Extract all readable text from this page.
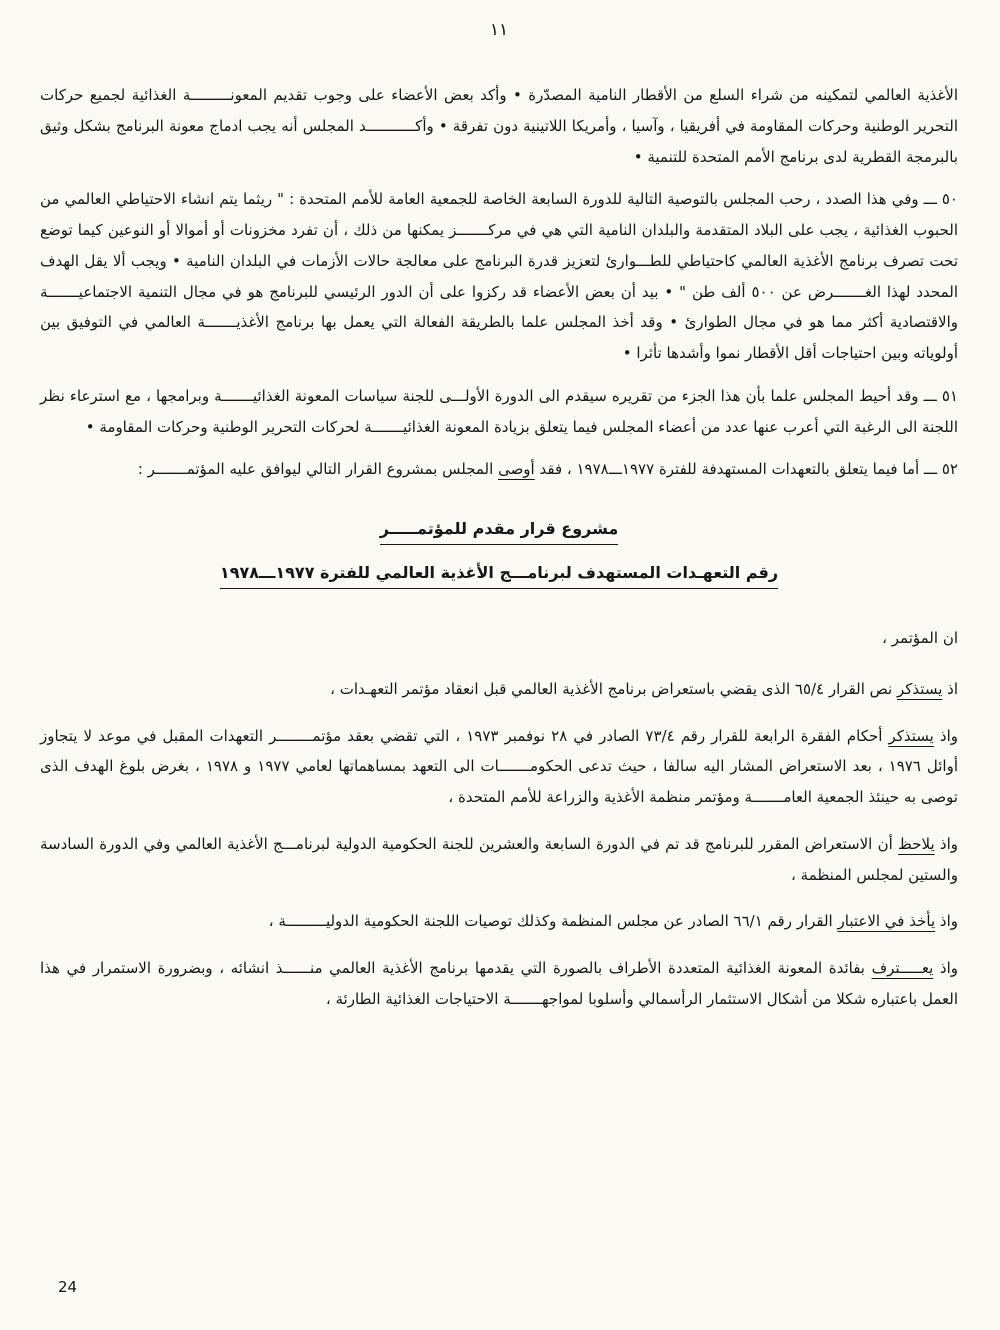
١١

الأغذية العالمي لتمكينه من شراء السلع من الأقطار النامية المصدّرة • وأكد بعض الأعضاء على وجوب تقديم المعونـــــــــة الغذائية لجميع حركات التحرير الوطنية وحركات المقاومة في أفريقيا ، وآسيا ، وأمريكا اللاتينية دون تفرقة • وأكـــــــــــد المجلس أنه يجب ادماج معونة البرنامج بشكل وثيق بالبرمجة القطرية لدى برنامج الأمم المتحدة للتنمية •

٥٠ ـــ وفي هذا الصدد ، رحب المجلس بالتوصية التالية للدورة السابعة الخاصة للجمعية العامة للأمم المتحدة : " ريثما يتم انشاء الاحتياطي العالمي من الحبوب الغذائية ، يجب على البلاد المتقدمة والبلدان النامية التي هي في مركـــــــز يمكنها من ذلك ، أن تفرد مخزونات أو أموالا أو النوعين كيما توضع تحت تصرف برنامج الأغذية العالمي كاحتياطي للطـــوارئ لتعزيز قدرة البرنامج على معالجة حالات الأزمات في البلدان النامية • ويجب ألا يقل الهدف المحدد لهذا الغـــــــرض عن ٥٠٠ ألف طن " • بيد أن بعض الأعضاء قد ركزوا على أن الدور الرئيسي للبرنامج هو في مجال التنمية الاجتماعيـــــــة والاقتصادية أكثر مما هو في مجال الطوارئ • وقد أخذ المجلس علما بالطريقة الفعالة التي يعمل بها برنامج الأغذيـــــــة العالمي في التوفيق بين أولوياته وبين احتياجات أقل الأقطار نموا وأشدها تأثرا •

٥١ ـــ وقد أحيط المجلس علما بأن هذا الجزء من تقريره سيقدم الى الدورة الأولـــى للجنة سياسات المعونة الغذائيـــــــة وبرامجها ، مع استرعاء نظر اللجنة الى الرغبة التي أعرب عنها عدد من أعضاء المجلس فيما يتعلق بزيادة المعونة الغذائيـــــــة لحركات التحرير الوطنية وحركات المقاومة •

٥٢ ـــ أما فيما يتعلق بالتعهدات المستهدفة للفترة ١٩٧٧ـــ١٩٧٨ ، فقد أوصى المجلس بمشروع القرار التالي ليوافق عليه المؤتمـــــــر :

مشروع قرار مقدم للمؤتمـــــر
رقم التعهـدات المستهدف لبرنامـــج الأغذية العالمي للفترة ١٩٧٧ـــ١٩٧٨

ان المؤتمر ،

اذ يستذكر نص القرار ٦٥/٤ الذى يقضي باستعراض برنامج الأغذية العالمي قبل انعقاد مؤتمر التعهـدات ،

واذ يستذكر أحكام الفقرة الرابعة للقرار رقم ٧٣/٤ الصادر في ٢٨ نوفمبر ١٩٧٣ ، التي تقضي بعقد مؤتمــــــــر التعهدات المقبل في موعد لا يتجاوز أوائل ١٩٧٦ ، بعد الاستعراض المشار اليه سالفا ، حيث تدعى الحكومـــــــات الى التعهد بمساهماتها لعامي ١٩٧٧ و ١٩٧٨ ، بغرض بلوغ الهدف الذى توصى به حينئذ الجمعية العامـــــــة ومؤتمر منظمة الأغذية والزراعة للأمم المتحدة ،

واذ يلاحظ أن الاستعراض المقرر للبرنامج قد تم في الدورة السابعة والعشرين للجنة الحكومية الدولية لبرنامـــج الأغذية العالمي وفي الدورة السادسة والستين لمجلس المنظمة ،

واذ يأخذ في الاعتبار القرار رقم ٦٦/١ الصادر عن مجلس المنظمة وكذلك توصيات اللجنة الحكومية الدوليـــــــــة ،

واذ يعـــــترف بفائدة المعونة الغذائية المتعددة الأطراف بالصورة التي يقدمها برنامج الأغذية العالمي منــــــذ انشائه ، وبضرورة الاستمرار في هذا العمل باعتباره شكلا من أشكال الاستثمار الرأسمالي وأسلوبا لمواجهـــــــة الاحتياجات الغذائية الطارئة ،

24
